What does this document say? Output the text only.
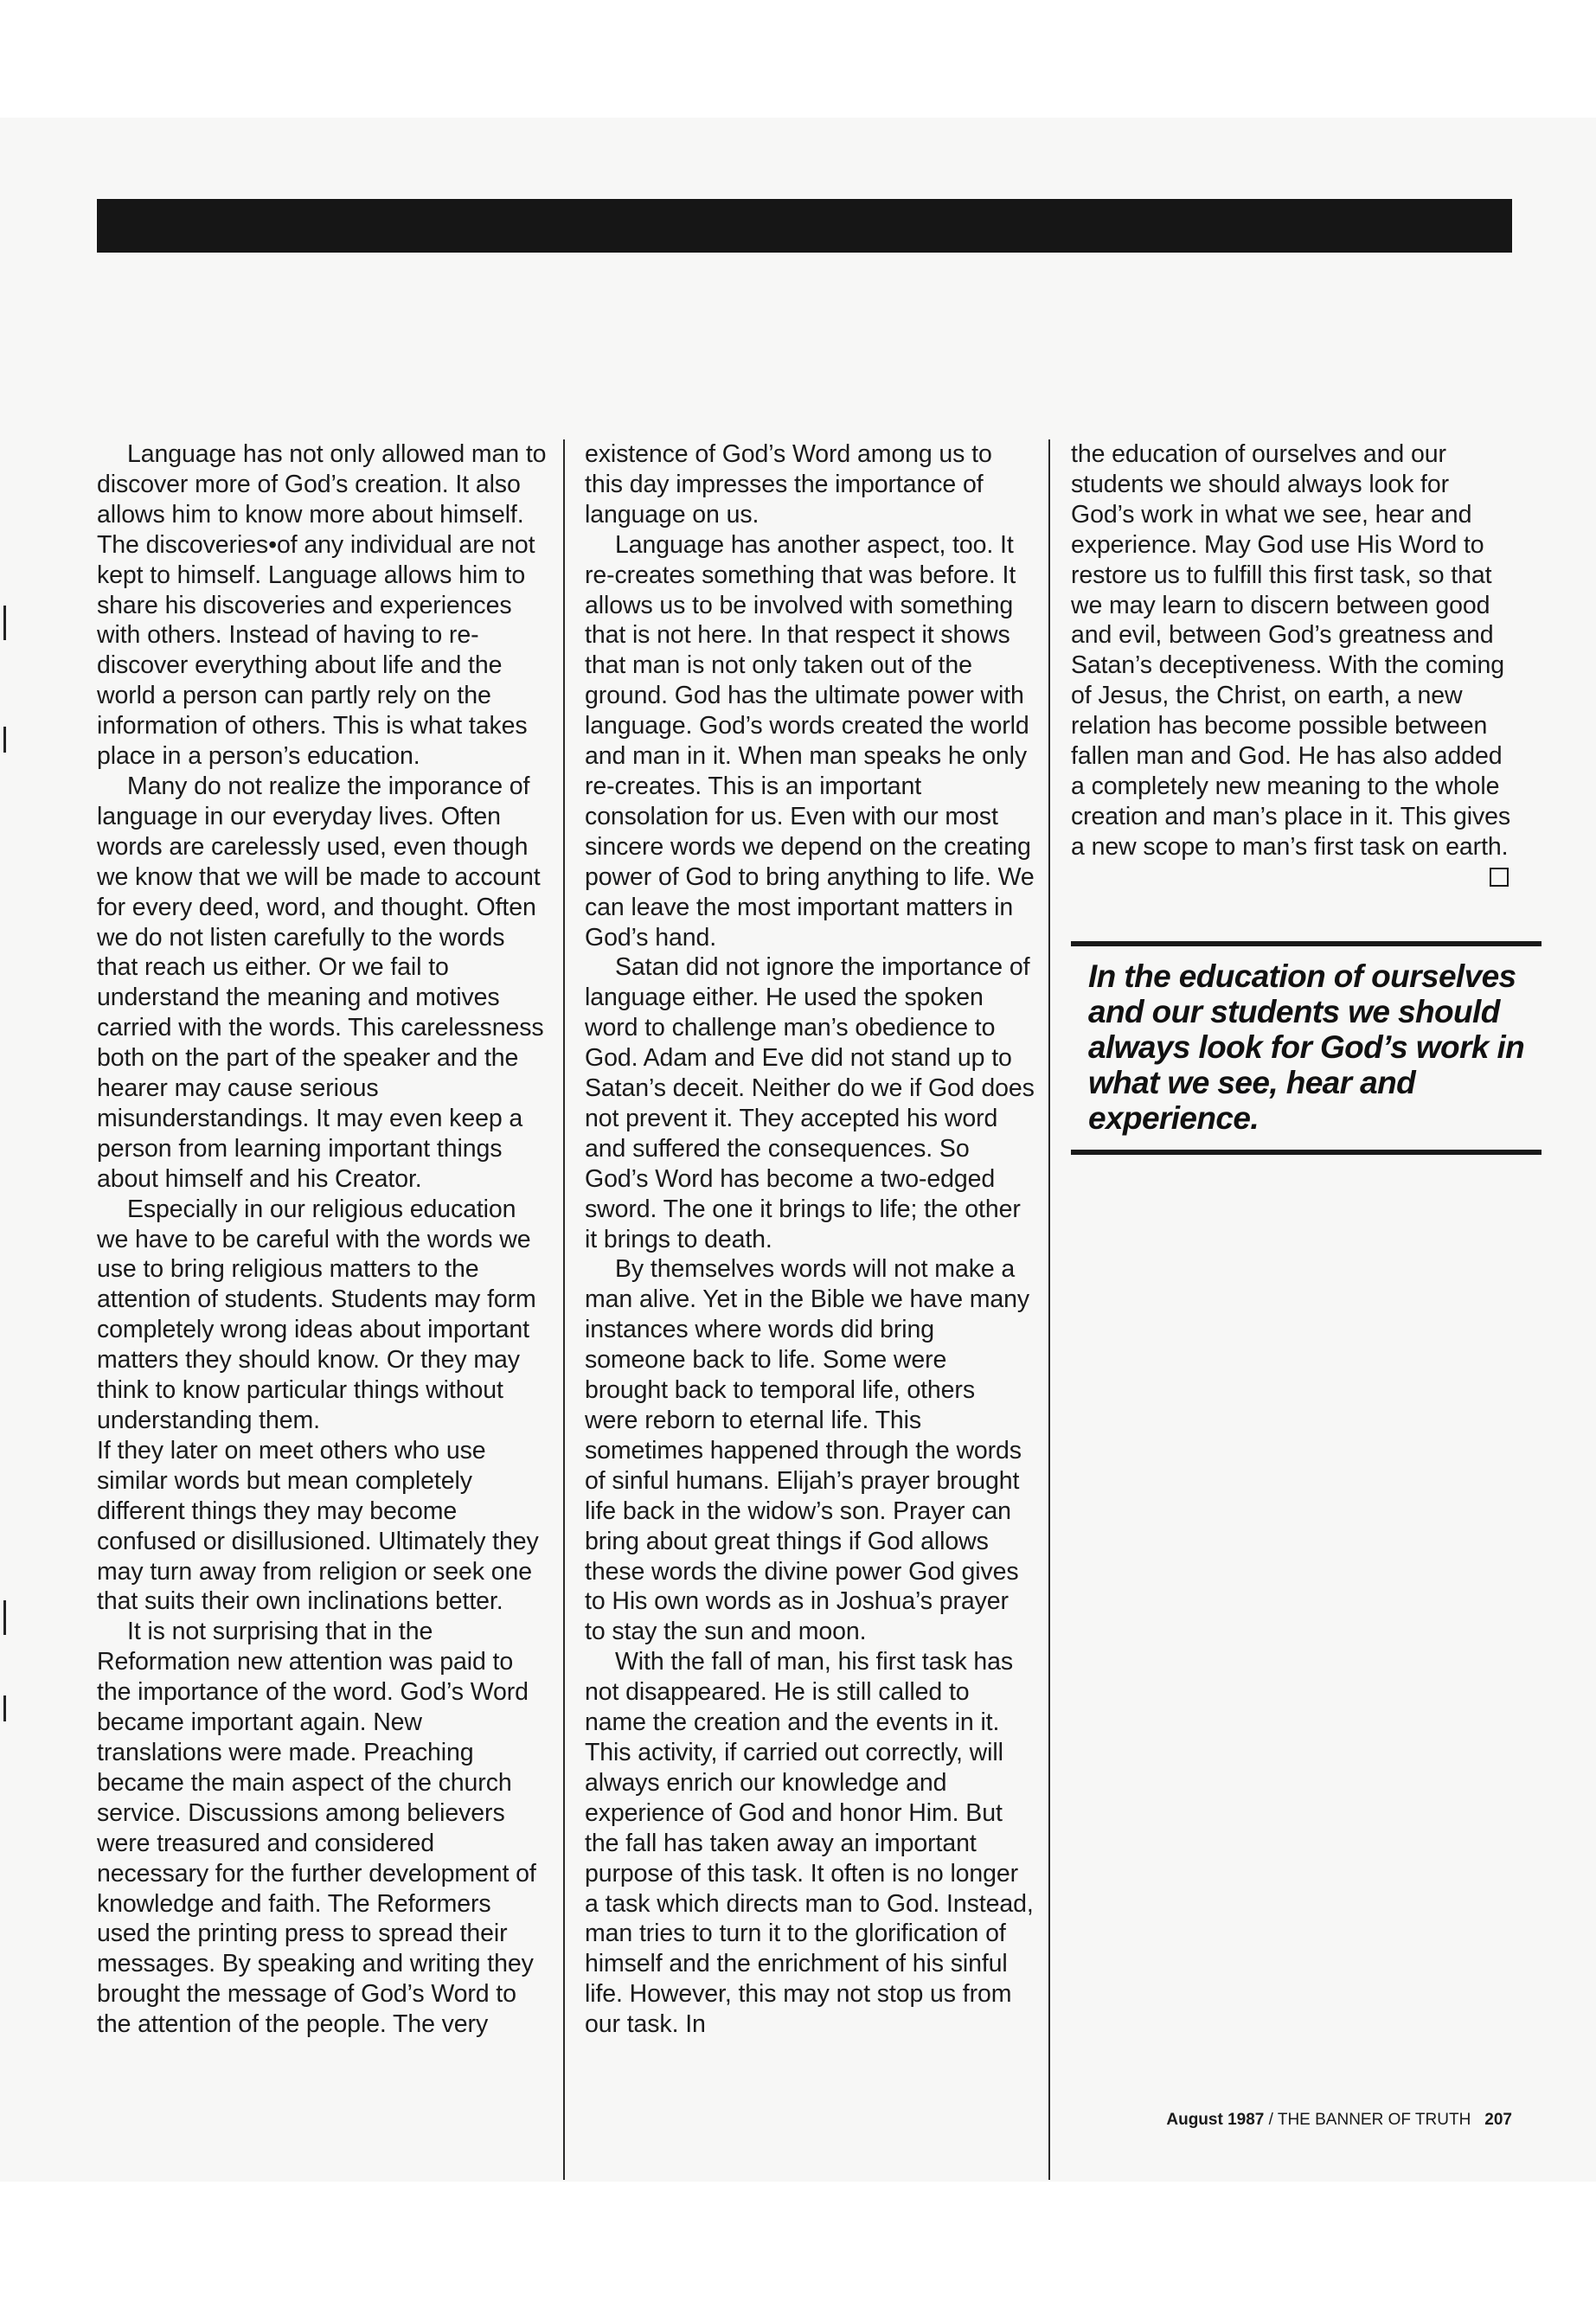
Language has not only allowed man to discover more of God’s creation. It also allows him to know more about himself. The discoveries•of any individual are not kept to himself. Language allows him to share his discoveries and experiences with others. Instead of having to re-discover everything about life and the world a person can partly rely on the information of others. This is what takes place in a person’s education.

Many do not realize the imporance of language in our everyday lives. Often words are carelessly used, even though we know that we will be made to account for every deed, word, and thought. Often we do not listen carefully to the words that reach us either. Or we fail to understand the meaning and motives carried with the words. This carelessness both on the part of the speaker and the hearer may cause serious misunderstandings. It may even keep a person from learning important things about himself and his Creator.

Especially in our religious education we have to be careful with the words we use to bring religious matters to the attention of students. Students may form completely wrong ideas about important matters they should know. Or they may think to know particular things without understanding them.

If they later on meet others who use similar words but mean completely different things they may become confused or disillusioned. Ultimately they may turn away from religion or seek one that suits their own inclinations better.

It is not surprising that in the Reformation new attention was paid to the importance of the word. God’s Word became important again. New translations were made. Preaching became the main aspect of the church service. Discussions among believers were treasured and considered necessary for the further development of knowledge and faith. The Reformers used the printing press to spread their messages. By speaking and writing they brought the message of God’s Word to the attention of the people. The very

existence of God’s Word among us to this day impresses the importance of language on us.

Language has another aspect, too. It re-creates something that was before. It allows us to be involved with something that is not here. In that respect it shows that man is not only taken out of the ground. God has the ultimate power with language. God’s words created the world and man in it. When man speaks he only re-creates. This is an important consolation for us. Even with our most sincere words we depend on the creating power of God to bring anything to life. We can leave the most important matters in God’s hand.

Satan did not ignore the importance of language either. He used the spoken word to challenge man’s obedience to God. Adam and Eve did not stand up to Satan’s deceit. Neither do we if God does not prevent it. They accepted his word and suffered the consequences. So God’s Word has become a two-edged sword. The one it brings to life; the other it brings to death.

By themselves words will not make a man alive. Yet in the Bible we have many instances where words did bring someone back to life. Some were brought back to temporal life, others were reborn to eternal life. This sometimes happened through the words of sinful humans. Elijah’s prayer brought life back in the widow’s son. Prayer can bring about great things if God allows these words the divine power God gives to His own words as in Joshua’s prayer to stay the sun and moon.

With the fall of man, his first task has not disappeared. He is still called to name the creation and the events in it. This activity, if carried out correctly, will always enrich our knowledge and experience of God and honor Him. But the fall has taken away an important purpose of this task. It often is no longer a task which directs man to God. Instead, man tries to turn it to the glorification of himself and the enrichment of his sinful life. However, this may not stop us from our task. In

the education of ourselves and our students we should always look for God’s work in what we see, hear and experience. May God use His Word to restore us to fulfill this first task, so that we may learn to discern between good and evil, between God’s greatness and Satan’s deceptiveness. With the coming of Jesus, the Christ, on earth, a new relation has become possible between fallen man and God. He has also added a completely new meaning to the whole creation and man’s place in it. This gives a new scope to man’s first task on earth.

In the education of ourselves and our students we should always look for God’s work in what we see, hear and experience.
August 1987 / THE BANNER OF TRUTH 207
